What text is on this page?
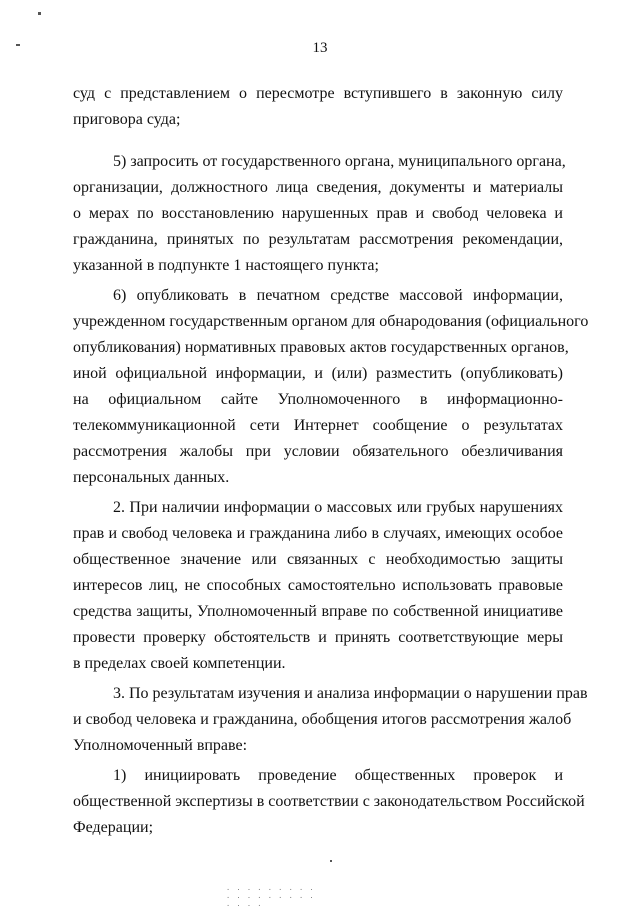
13
суд с представлением о пересмотре вступившего в законную силу
приговора суда;
5) запросить от государственного органа, муниципального органа,
организации, должностного лица сведения, документы и материалы
о мерах по восстановлению нарушенных прав и свобод человека и
гражданина, принятых по результатам рассмотрения рекомендации,
указанной в подпункте 1 настоящего пункта;
6) опубликовать в печатном средстве массовой информации,
учрежденном государственным органом для обнародования (официального
опубликования) нормативных правовых актов государственных органов,
иной официальной информации, и (или) разместить (опубликовать)
на официальном сайте Уполномоченного в информационно-
телекоммуникационной сети Интернет сообщение о результатах
рассмотрения жалобы при условии обязательного обезличивания
персональных данных.
2. При наличии информации о массовых или грубых нарушениях
прав и свобод человека и гражданина либо в случаях, имеющих особое
общественное значение или связанных с необходимостью защиты
интересов лиц, не способных самостоятельно использовать правовые
средства защиты, Уполномоченный вправе по собственной инициативе
провести проверку обстоятельств и принять соответствующие меры
в пределах своей компетенции.
3. По результатам изучения и анализа информации о нарушении прав
и свобод человека и гражданина, обобщения итогов рассмотрения жалоб
Уполномоченный вправе:
1) инициировать проведение общественных проверок и
общественной экспертизы в соответствии с законодательством Российской
Федерации;
. . . . . . . . . . . . . . . . . . . . . .
